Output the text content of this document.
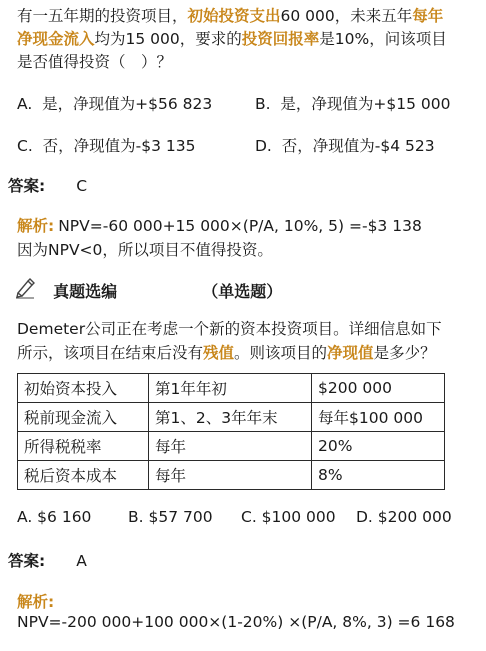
有一五年期的投资项目，初始投资支出60 000，未来五年每年
净现金流入均为15 000，要求的投资回报率是10%，问该项目
是否值得投资（　）？
A. 是，净现值为+$56 823	B. 是，净现值为+$15 000
C. 否，净现值为-$3 135	D. 否，净现值为-$4 523
答案: C
解析: NPV=-60 000+15 000×(P/A, 10%, 5) =-$3 138
因为NPV<0，所以项目不值得投资。
真题选编	（单选题）
Demeter公司正在考虑一个新的资本投资项目。详细信息如下
所示，该项目在结束后没有残值。则该项目的净现值是多少？
初始资本投入	第1年年初	$200 000
税前现金流入	第1、2、3年年末	每年$100 000
所得税税率	每年	20%
税后资本成本	每年	8%
A. $6 160 B. $57 700 C. $100 000 D. $200 000
答案: A
解析:
NPV=-200 000+100 000×(1-20%) ×(P/A, 8%, 3) =6 168
